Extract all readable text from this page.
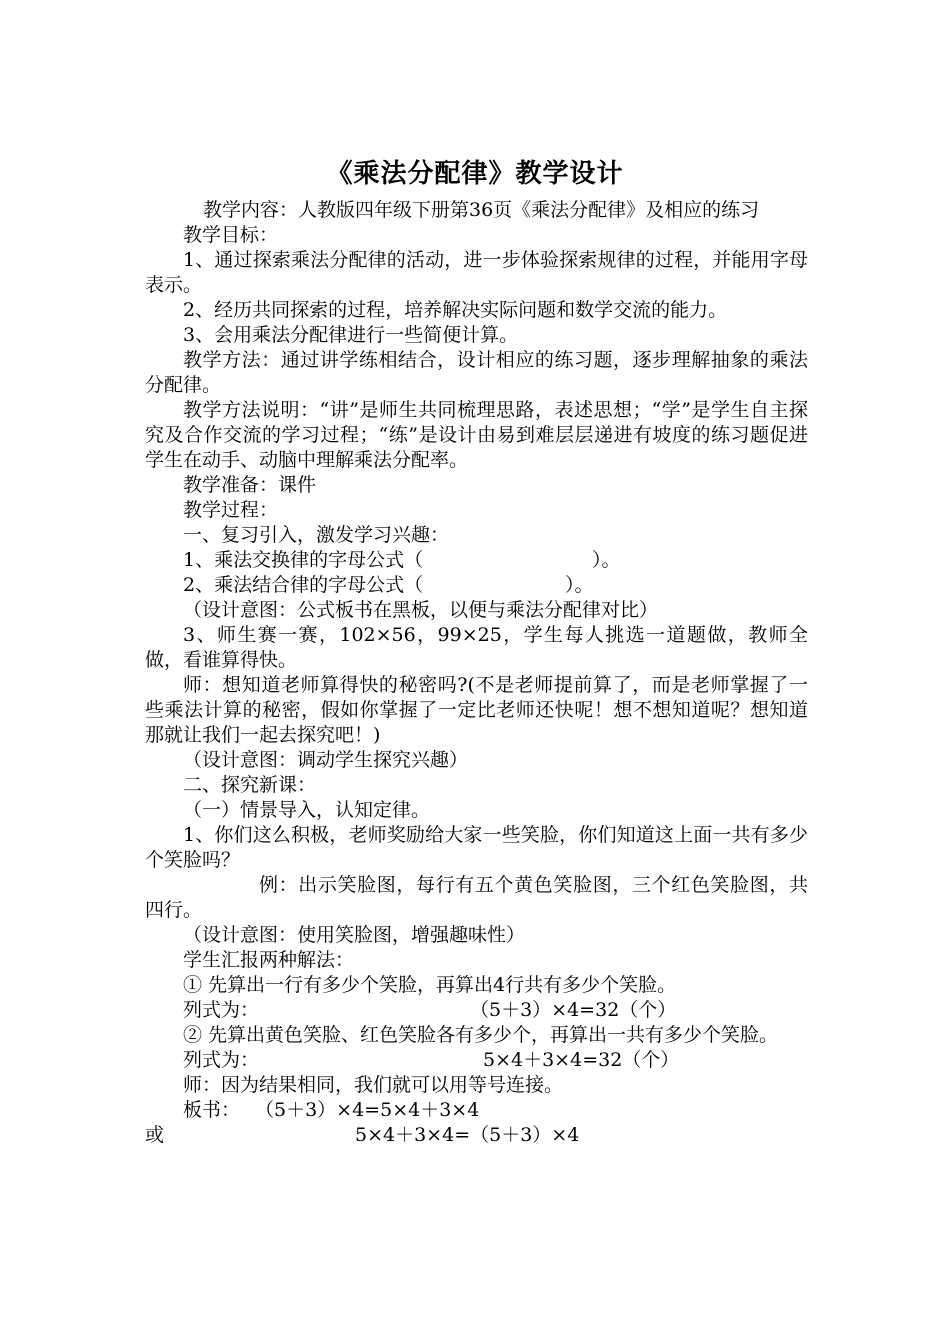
《乘法分配律》教学设计

教学内容：人教版四年级下册第36页《乘法分配律》及相应的练习

教学目标：

1、通过探索乘法分配律的活动，进一步体验探索规律的过程，并能用字母表示。

2、经历共同探索的过程，培养解决实际问题和数学交流的能力。

3、会用乘法分配律进行一些简便计算。

教学方法：通过讲学练相结合，设计相应的练习题，逐步理解抽象的乘法分配律。

教学方法说明：“讲”是师生共同梳理思路，表述思想；“学”是学生自主探究及合作交流的学习过程；“练”是设计由易到难层层递进有坡度的练习题促进学生在动手、动脑中理解乘法分配率。

教学准备：课件

教学过程：

一、复习引入，激发学习兴趣：

1、乘法交换律的字母公式（	）。
2、乘法结合律的字母公式（	）。

（设计意图：公式板书在黑板，以便与乘法分配律对比）

3、师生赛一赛，102×56，99×25，学生每人挑选一道题做，教师全做，看谁算得快。

师：想知道老师算得快的秘密吗?(不是老师提前算了，而是老师掌握了一些乘法计算的秘密，假如你掌握了一定比老师还快呢！想不想知道呢？想知道那就让我们一起去探究吧！)

（设计意图：调动学生探究兴趣）

二、探究新课：

（一）情景导入，认知定律。

1、你们这么积极，老师奖励给大家一些笑脸，你们知道这上面一共有多少个笑脸吗？

例：出示笑脸图，每行有五个黄色笑脸图，三个红色笑脸图，共四行。

（设计意图：使用笑脸图，增强趣味性）

学生汇报两种解法：

① 先算出一行有多少个笑脸，再算出4行共有多少个笑脸。

列式为：	（5＋3）×4=32（个）

② 先算出黄色笑脸、红色笑脸各有多少个，再算出一共有多少个笑脸。

列式为：	5×4＋3×4=32（个）

师：因为结果相同，我们就可以用等号连接。

板书： （5＋3）×4=5×4＋3×4
或	5×4＋3×4=（5＋3）×4
